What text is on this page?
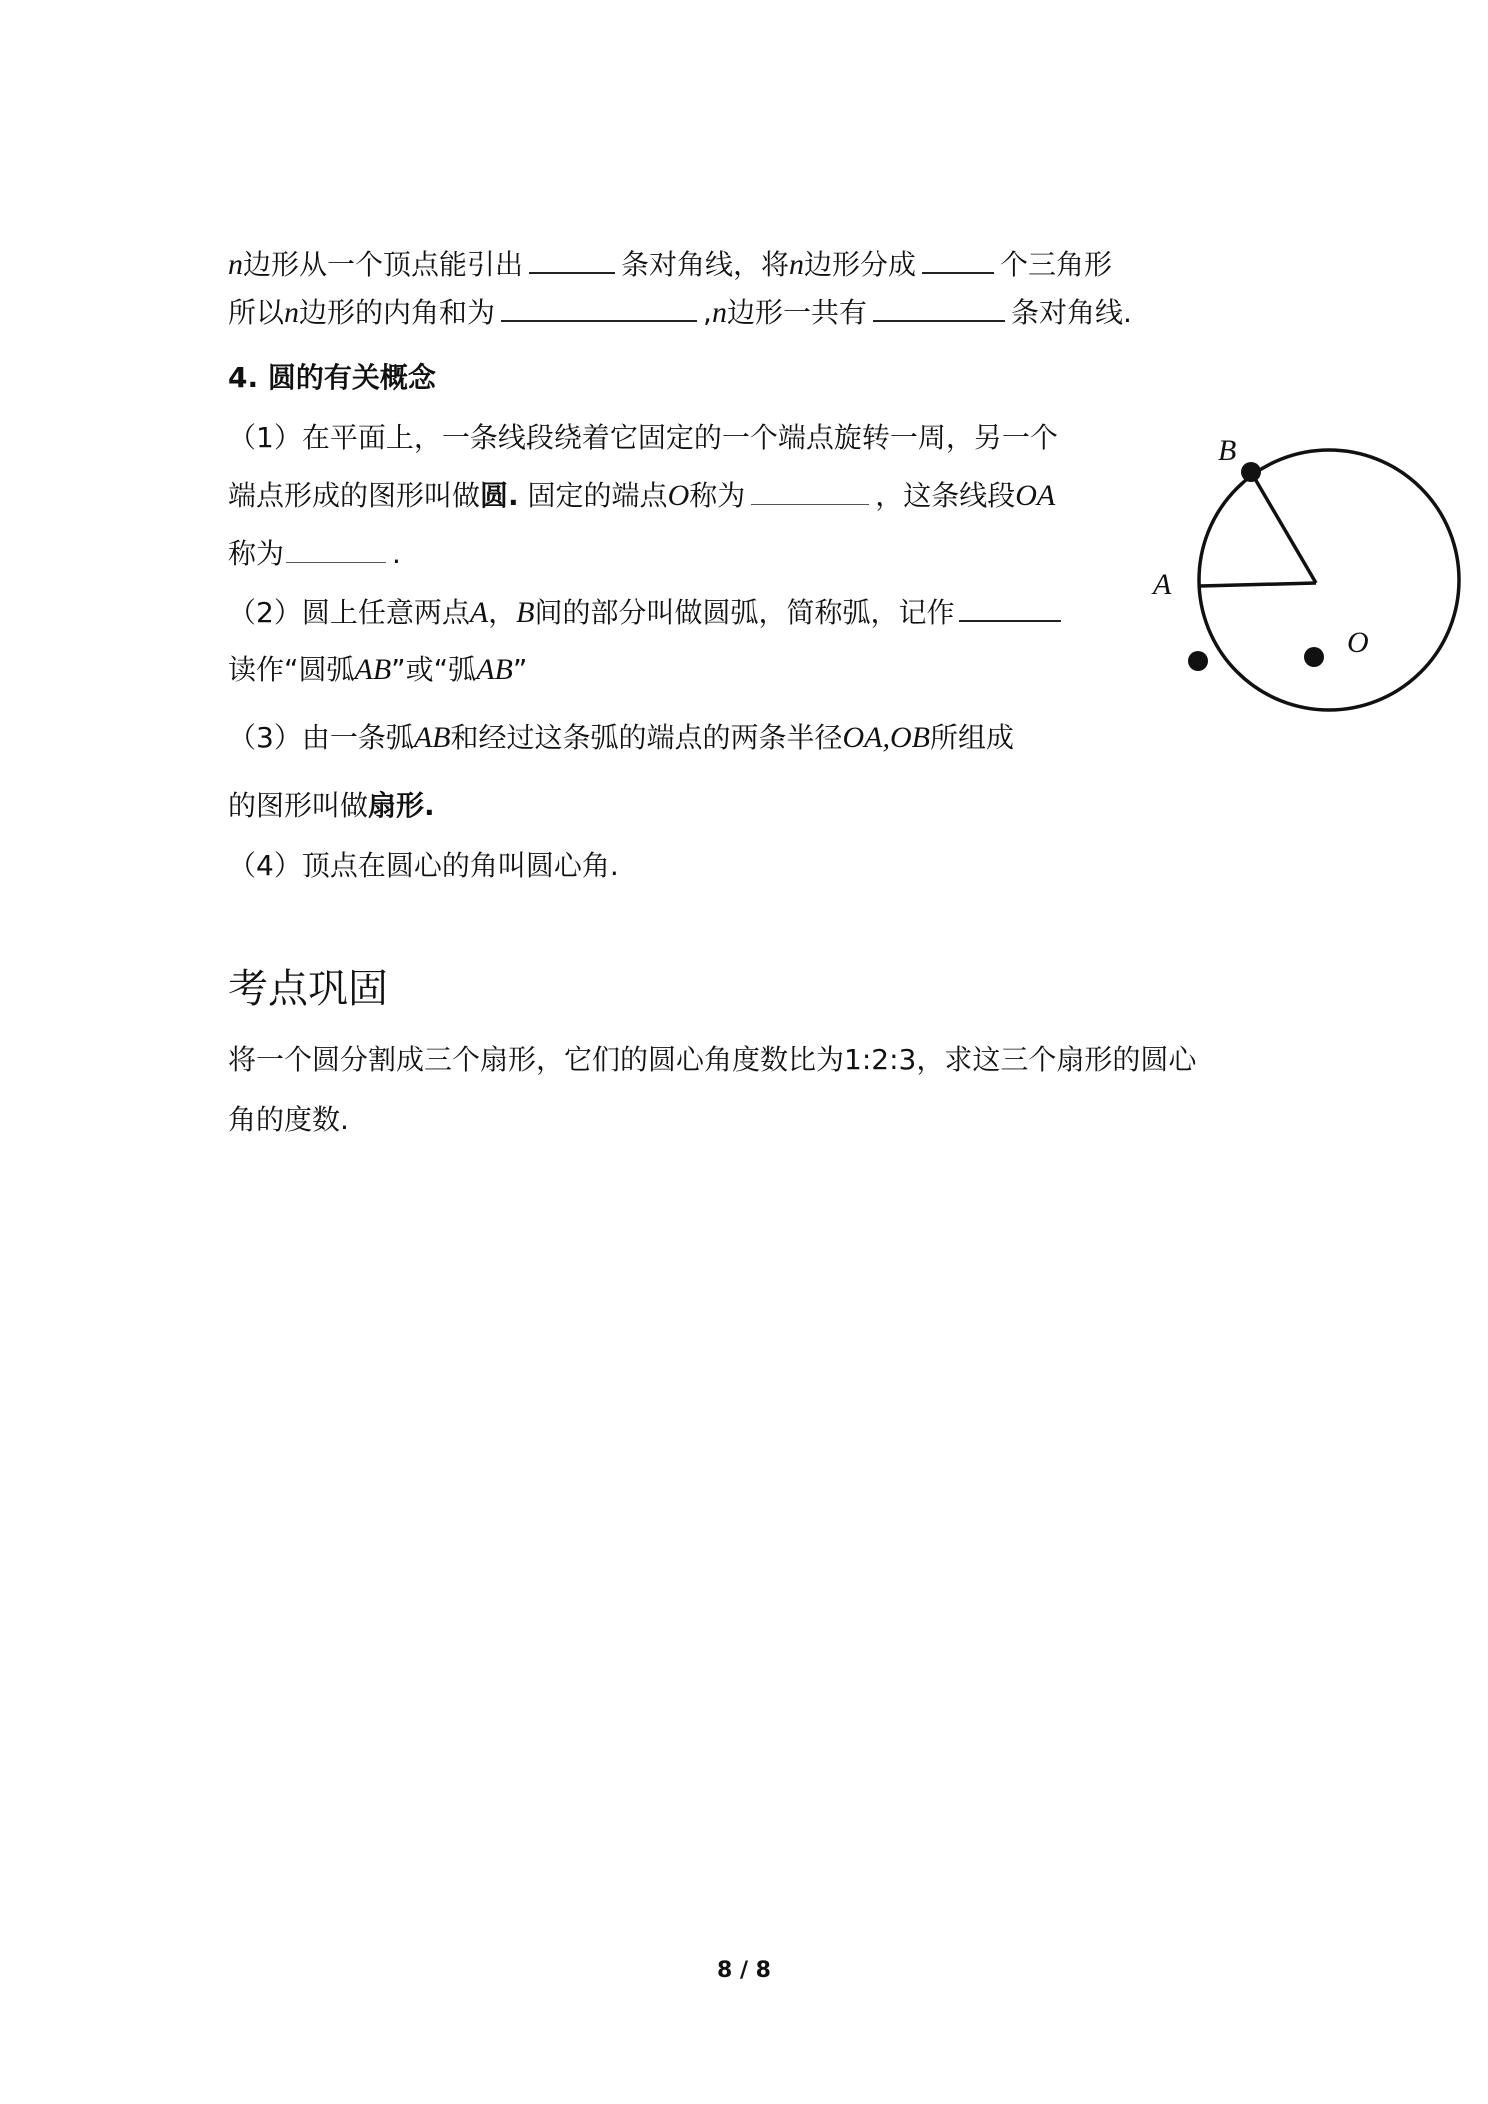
n边形从一个顶点能引出	条对角线，将n边形分成	个三角形
所以n边形的内角和为	,n边形一共有	条对角线.
4. 圆的有关概念
（1）在平面上，一条线段绕着它固定的一个端点旋转一周，另一个
端点形成的图形叫做圆. 固定的端点O称为	，这条线段OA
称为	.
（2）圆上任意两点A，B间的部分叫做圆弧，简称弧，记作
读作“圆弧AB”或“弧AB”
（3）由一条弧AB和经过这条弧的端点的两条半径OA,OB所组成
的图形叫做扇形.
（4）顶点在圆心的角叫圆心角.
B
A
O
考点巩固
将一个圆分割成三个扇形，它们的圆心角度数比为1:2:3，求这三个扇形的圆心
角的度数.
8 / 8
